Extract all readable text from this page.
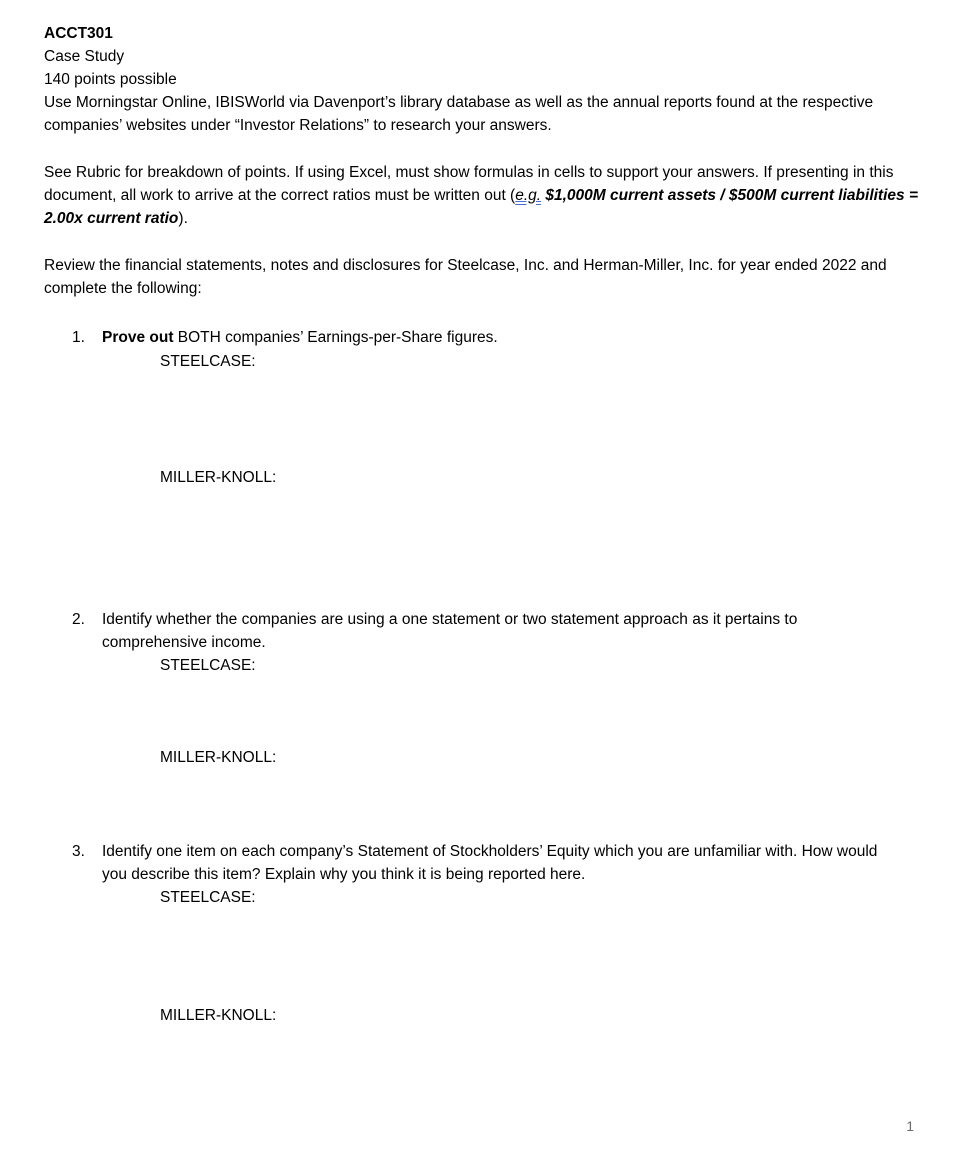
ACCT301
Case Study
140 points possible
Use Morningstar Online, IBISWorld via Davenport’s library database as well as the annual reports found at the respective companies’ websites under “Investor Relations” to research your answers.
See Rubric for breakdown of points. If using Excel, must show formulas in cells to support your answers. If presenting in this document, all work to arrive at the correct ratios must be written out (e.g. $1,000M current assets / $500M current liabilities = 2.00x current ratio).
Review the financial statements, notes and disclosures for Steelcase, Inc. and Herman-Miller, Inc. for year ended 2022 and complete the following:
1. Prove out BOTH companies’ Earnings-per-Share figures.
STEELCASE:
MILLER-KNOLL:
2. Identify whether the companies are using a one statement or two statement approach as it pertains to comprehensive income.
STEELCASE:
MILLER-KNOLL:
3. Identify one item on each company’s Statement of Stockholders’ Equity which you are unfamiliar with. How would you describe this item? Explain why you think it is being reported here.
STEELCASE:
MILLER-KNOLL:
1
